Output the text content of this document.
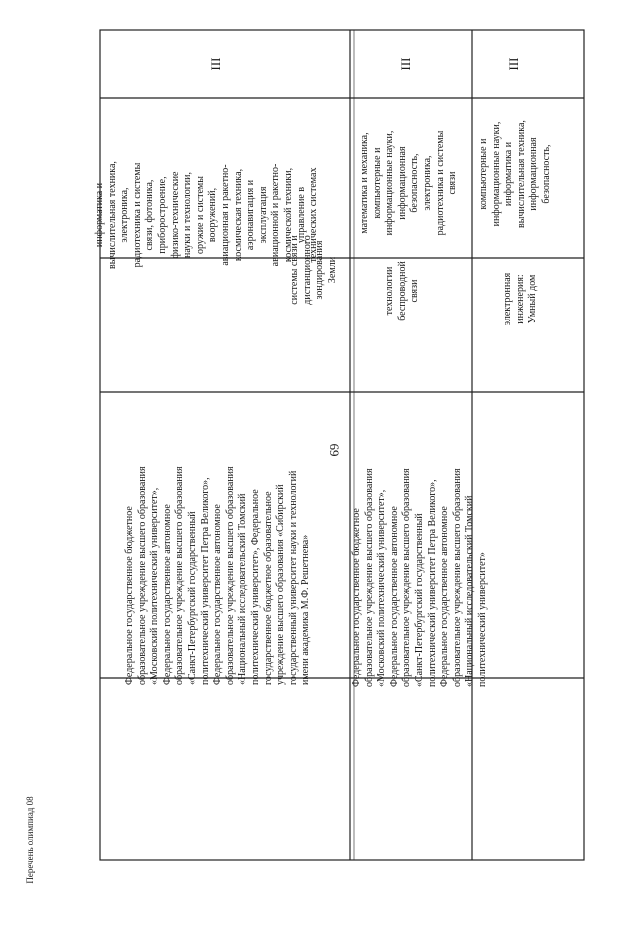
69
Перечень олимпиад 08
III
информатика и вычислительная техника, электроника, радиотехника и системы связи, фотоника, приборостроение, физико-технические науки и технологии, оружие и системы вооружений, авиационная и ракетно- космическая техника, аэронавигация и эксплуатация авиационной и ракетно- космической техники, управление в технических системах
системы связи и дистанционного зондирования Земли
Федеральное государственное бюджетное образовательное учреждение высшего образования «Московский политехнический университет», Федеральное государственное автономное образовательное учреждение высшего образования «Санкт-Петербургский государственный политехнический университет Петра Великого», Федеральное государственное автономное образовательное учреждение высшего образования «Национальный исследовательский Томский политехнический университет», Федеральное государственное бюджетное образовательное учреждение высшего образования «Сибирский государственный университет науки и технологий имени академика М.Ф. Решетнева»
III
математика и механика, компьютерные и информационные науки, информационная безопасность, электроника, радиотехника и системы связи
технологии беспроводной связи
Федеральное государственное бюджетное образовательное учреждение высшего образования «Московский политехнический университет», Федеральное государственное автономное образовательное учреждение высшего образования «Санкт-Петербургский государственный политехнический университет Петра Великого», Федеральное государственное автономное образовательное учреждение высшего образования «Национальный исследовательский Томский политехнический университет»
III
компьютерные и информационные науки, информатика и вычислительная техника, информационная безопасность,
электронная инженерия: Умный дом
